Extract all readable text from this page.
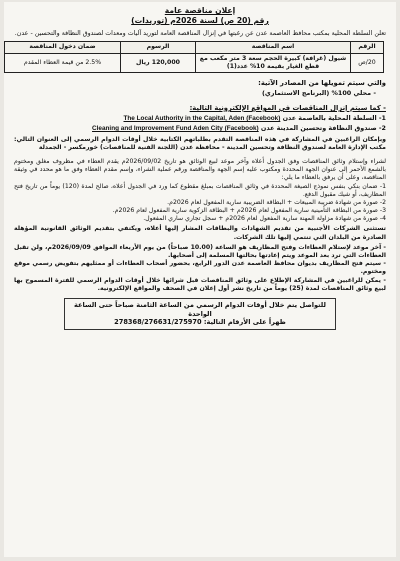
إعلان مناقصة عامة
رقم (20 ص) لسنة 2026م (توريدات)
تعلن السلطة المحلية بمكتب محافظ العاصمة عدن عن رغبتها في إنزال المناقصة العامة لتوريد آليات ومعدات لصندوق النظافة والتحسين - عدن.
الرقم	اسم المناقصة	الرسوم	ضمان دخول المناقصة
20/ص	شيول (غرافة) كبيرة الحجم سعة 3 متر مكعب مع قطع الغيار بقيمة 10% عدد(1)	120,000 ريال	2.5% من قيمة العطاء المقدم
والتي سيتم تمويلها من المصادر الآتية:
- محلي 100% (البرنامج الاستثماري)
- كما سيتم إنزال المناقصات في المواقع الإلكترونية التالية:
1- السلطة المحلية بالعاصمة عدن The Local Authority in the Capital, Aden (Facebook)
2- صندوق النظافة وتحسين المدينة عدن Cleaning and Improvement Fund Aden City (Facebook)
وبإمكان الراغبين في المشاركة في هذه المناقصة التقدم بطلباتهم الكتابية خلال أوقات الدوام الرسمي إلى العنوان التالي: مكتب الإدارة العامة لصندوق النظافة وتحسين المدينة - محافظة عدن (اللجنة الفنية للمناقصات) خورمكسر - الجمدلة
لشراء وإستلام وثائق المناقصات وفق الجدول أعلاه وآخر موعد لبيع الوثائق هو تاريخ 2026/09/02م يقدم العطاء في مظروف مغلق ومختوم بالشمع الأحمر إلى عنوان الجهة المحددة ومكتوب عليه إسم الجهة والمناقصة ورقم عملية الشراء، وإسم مقدم العطاء وفق ما هو محدد في وثيقة المناقصة، وعلى أن يرفق بالعطاء ما يلي:
1- ضمان بنكي بنفس نموذج الصيغة المحددة في وثائق المناقصات بمبلغ مقطوع كما ورد في الجدول أعلاه، صالح لمدة (120) يوماً من تاريخ فتح المظاريف، أو شيك مقبول الدفع.
2- صورة من شهادة ضريبة المبيعات + البطاقة الضريبية سارية المفعول لعام 2026م.
3- صورة من البطاقة التأمينية سارية المفعول لعام 2026م + البطاقة الزكوية سارية المفعول لعام 2026م.
4- صورة من شهادة مزاولة المهنة سارية المفعول لعام 2026م + سجل تجاري ساري المفعول.
تستثنى الشركات الأجنبية من تقديم الشهادات والبطاقات المشار إليها أعلاه، ويكتفي بتقديم الوثائق القانونية المؤهلة الصادرة من البلدان التي تنتمي إليها تلك الشركات.
- آخر موعد لإستلام العطاءات وفتح المظاريف هو الساعة (10.00 صباحاً) من يوم الأربعاء الموافق 2026/09/09م، ولن تقبل العطاءات التي ترد بعد الموعد ويتم إعادتها بحالتها المسلمة إلى أصحابها.
- سيتم فتح المظاريف بديوان محافظ العاصمة عدن الدور الرابع، بحضور أصحاب العطاءات أو ممثليهم بتفويض رسمي موقع ومختوم.
- يمكن للراغبين في المشاركة الإطلاع على وثائق المناقصات قبل شرائها خلال أوقات الدوام الرسمي للفترة المسموح بها لبيع وثائق المناقصات لمدة (25) يوماً من تاريخ نشر أول إعلان في الصحف والمواقع الإلكترونية.
للتواصل يتم خلال أوقات الدوام الرسمي من الساعة الثامنة صباحاً حتى الساعة الواحدة
ظهراً على الأرقام التالية: 278368/276631/275970
